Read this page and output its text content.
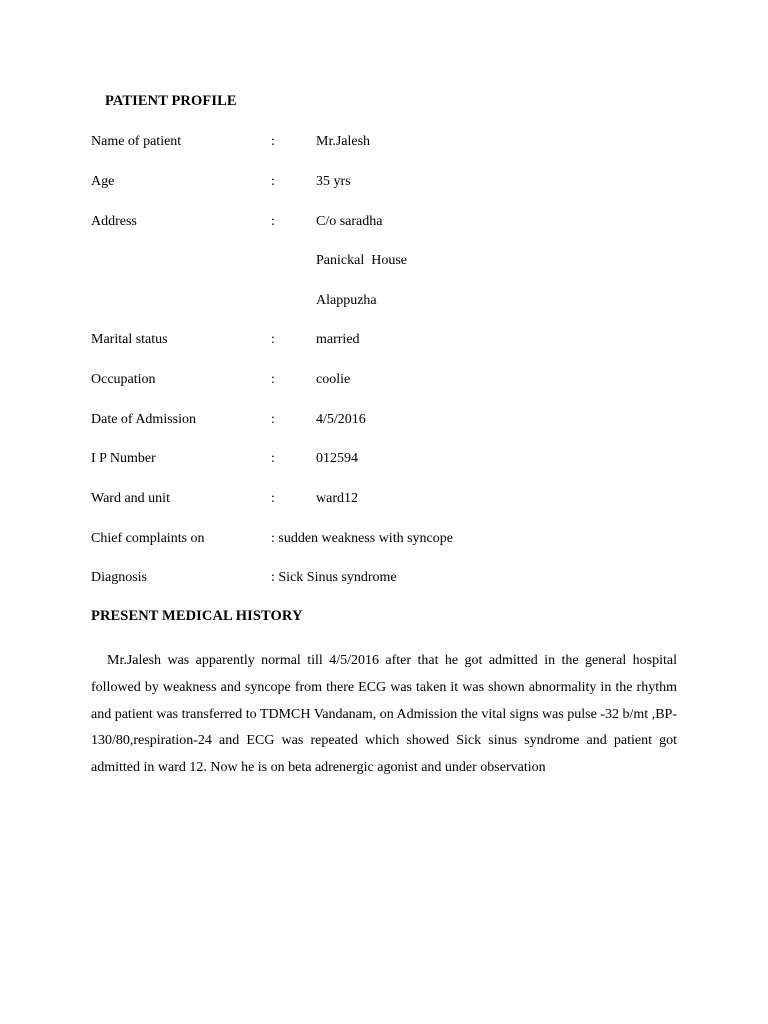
PATIENT PROFILE
Name of patient	:	Mr.Jalesh
Age	:	35 yrs
Address	:	C/o saradha
Panickal  House
Alappuzha
Marital status	:	married
Occupation	:	coolie
Date of Admission	:	4/5/2016
I P Number	:	012594
Ward and unit	:	ward12
Chief complaints on	: sudden weakness with syncope
Diagnosis	: Sick Sinus syndrome
PRESENT MEDICAL HISTORY
Mr.Jalesh was apparently normal till 4/5/2016 after that he got admitted in the general hospital followed by weakness and syncope from there ECG was taken it was shown abnormality in the rhythm and patient was transferred to TDMCH Vandanam, on Admission the vital signs was pulse -32 b/mt ,BP-130/80,respiration-24 and ECG was repeated which showed Sick sinus syndrome and patient got admitted in ward 12. Now he is on beta adrenergic agonist and under observation
